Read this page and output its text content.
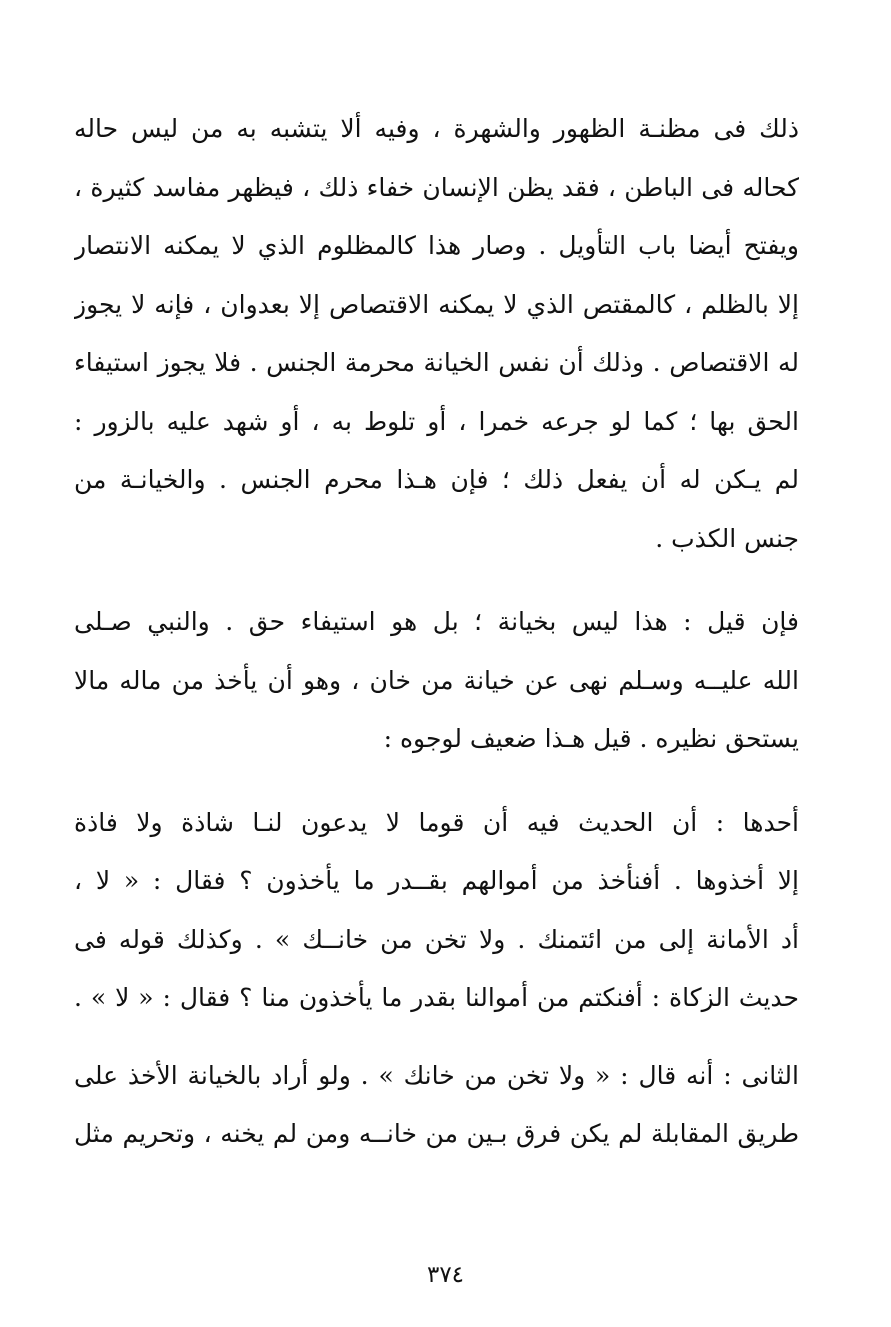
ذلك فى مظنـة الظهور والشهرة ، وفيه ألا يتشبه به من ليس حاله
كحاله فى الباطن ، فقد يظن الإنسان خفاء ذلك ، فيظهر مفاسد كثيرة ،
ويفتح أيضا باب التأويل . وصار هذا كالمظلوم الذي لا يمكنه الانتصار
إلا بالظلم ، كالمقتص الذي لا يمكنه الاقتصاص إلا بعدوان ، فإنه لا يجوز
له الاقتصاص . وذلك أن نفس الخيانة محرمة الجنس . فلا يجوز استيفاء
الحق بها ؛ كما لو جرعه خمرا ، أو تلوط به ، أو شهد عليه بالزور :
لم يـكن له أن يفعل ذلك ؛ فإن هـذا محرم الجنس . والخيانـة من
جنس الكذب .
فإن قيل : هذا ليس بخيانة ؛ بل هو استيفاء حق . والنبي صـلى
الله عليــه وسـلم نهى عن خيانة من خان ، وهو أن يأخذ من ماله مالا
يستحق نظيره . قيل هـذا ضعيف لوجوه :
أحدها : أن الحديث فيه أن قوما لا يدعون لنـا شاذة ولا فاذة
إلا أخذوها . أفنأخذ من أموالهم بقــدر ما يأخذون ؟ فقال : « لا ،
أد الأمانة إلى من ائتمنك . ولا تخن من خانــك » . وكذلك قوله فى
حديث الزكاة : أفنكتم من أموالنا بقدر ما يأخذون منا ؟ فقال : « لا » .
الثانى : أنه قال : « ولا تخن من خانك » . ولو أراد بالخيانة الأخذ على
طريق المقابلة لم يكن فرق بـين من خانــه ومن لم يخنه ، وتحريم مثل
٣٧٤
